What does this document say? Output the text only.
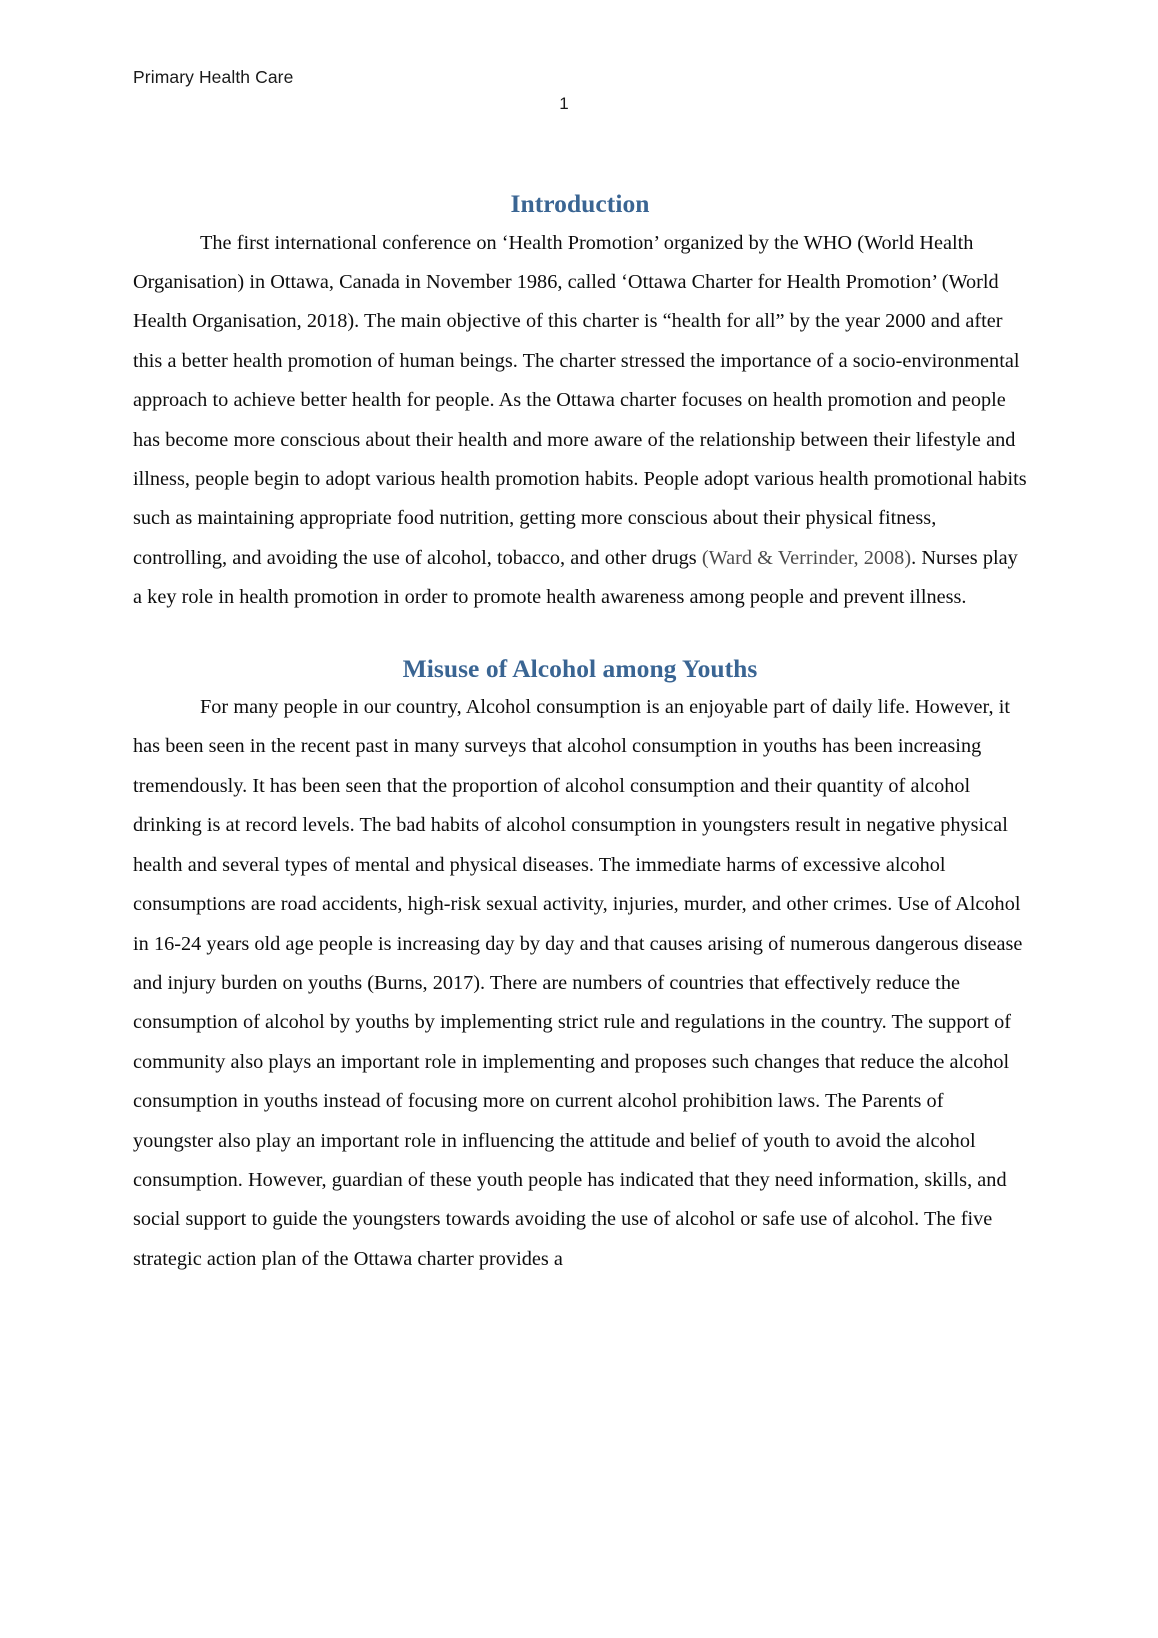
Primary Health Care
1
Introduction

The first international conference on ‘Health Promotion’ organized by the WHO (World Health Organisation) in Ottawa, Canada in November 1986, called ‘Ottawa Charter for Health Promotion’ (World Health Organisation, 2018). The main objective of this charter is “health for all” by the year 2000 and after this a better health promotion of human beings. The charter stressed the importance of a socio-environmental approach to achieve better health for people. As the Ottawa charter focuses on health promotion and people has become more conscious about their health and more aware of the relationship between their lifestyle and illness, people begin to adopt various health promotion habits. People adopt various health promotional habits such as maintaining appropriate food nutrition, getting more conscious about their physical fitness, controlling, and avoiding the use of alcohol, tobacco, and other drugs (Ward & Verrinder, 2008). Nurses play a key role in health promotion in order to promote health awareness among people and prevent illness.

Misuse of Alcohol among Youths

For many people in our country, Alcohol consumption is an enjoyable part of daily life. However, it has been seen in the recent past in many surveys that alcohol consumption in youths has been increasing tremendously. It has been seen that the proportion of alcohol consumption and their quantity of alcohol drinking is at record levels. The bad habits of alcohol consumption in youngsters result in negative physical health and several types of mental and physical diseases. The immediate harms of excessive alcohol consumptions are road accidents, high-risk sexual activity, injuries, murder, and other crimes. Use of Alcohol in 16-24 years old age people is increasing day by day and that causes arising of numerous dangerous disease and injury burden on youths (Burns, 2017). There are numbers of countries that effectively reduce the consumption of alcohol by youths by implementing strict rule and regulations in the country. The support of community also plays an important role in implementing and proposes such changes that reduce the alcohol consumption in youths instead of focusing more on current alcohol prohibition laws. The Parents of youngster also play an important role in influencing the attitude and belief of youth to avoid the alcohol consumption. However, guardian of these youth people has indicated that they need information, skills, and social support to guide the youngsters towards avoiding the use of alcohol or safe use of alcohol. The five strategic action plan of the Ottawa charter provides a
